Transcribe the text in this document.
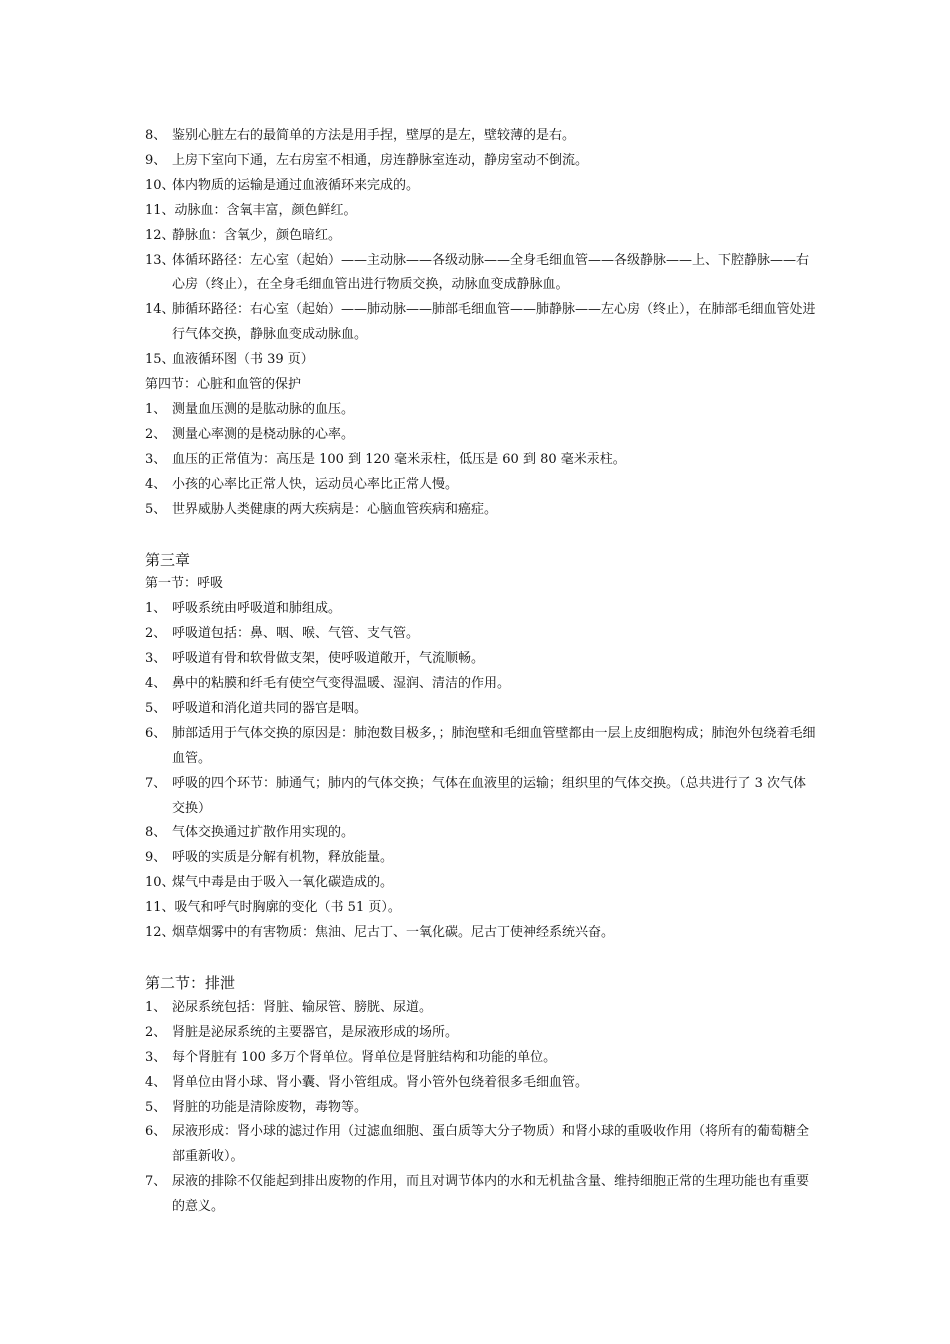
8、 鉴别心脏左右的最简单的方法是用手捏，壁厚的是左，壁较薄的是右。
9、 上房下室向下通，左右房室不相通，房连静脉室连动，静房室动不倒流。
10、
体内物质的运输是通过血液循环来完成的。
11、动脉血：含氧丰富，颜色鲜红。
12、
静脉血：含氧少，颜色暗红。
13、
体循环路径：左心室（起始）——主动脉——各级动脉——全身毛细血管——各级静脉——上、下腔静脉——右心房（终止），在全身毛细血管出进行物质交换，动脉血变成静脉血。
14、
肺循环路径：右心室（起始）——肺动脉——肺部毛细血管——肺静脉——左心房（终止），在肺部毛细血管处进行气体交换，静脉血变成动脉血。
15、
血液循环图（书 39 页）
第四节：心脏和血管的保护
1、 测量血压测的是肱动脉的血压。
2、 测量心率测的是桡动脉的心率。
3、 血压的正常值为：高压是 100 到 120 毫米汞柱，低压是 60 到 80 毫米汞柱。
4、 小孩的心率比正常人快，运动员心率比正常人慢。
5、 世界威胁人类健康的两大疾病是：心脑血管疾病和癌症。
第三章
第一节：呼吸
1、 呼吸系统由呼吸道和肺组成。
2、 呼吸道包括：鼻、咽、喉、气管、支气管。
3、 呼吸道有骨和软骨做支架，使呼吸道敞开，气流顺畅。
4、 鼻中的粘膜和纤毛有使空气变得温暖、湿润、清洁的作用。
5、 呼吸道和消化道共同的器官是咽。
6、 肺部适用于气体交换的原因是：肺泡数目极多，；肺泡壁和毛细血管壁都由一层上皮细胞构成；肺泡外包绕着毛细血管。
7、 呼吸的四个环节：肺通气；肺内的气体交换；气体在血液里的运输；组织里的气体交换。（总共进行了 3 次气体交换）
8、 气体交换通过扩散作用实现的。
9、 呼吸的实质是分解有机物，释放能量。
10、
煤气中毒是由于吸入一氧化碳造成的。
11、吸气和呼气时胸廓的变化（书 51 页）。
12、
烟草烟雾中的有害物质：焦油、尼古丁、一氧化碳。尼古丁使神经系统兴奋。
第二节：排泄
1、 泌尿系统包括：肾脏、输尿管、膀胱、尿道。
2、 肾脏是泌尿系统的主要器官，是尿液形成的场所。
3、 每个肾脏有 100 多万个肾单位。肾单位是肾脏结构和功能的单位。
4、 肾单位由肾小球、肾小囊、肾小管组成。肾小管外包绕着很多毛细血管。
5、 肾脏的功能是清除废物，毒物等。
6、 尿液形成：肾小球的滤过作用（过滤血细胞、蛋白质等大分子物质）和肾小球的重吸收作用（将所有的葡萄糖全部重新收）。
7、 尿液的排除不仅能起到排出废物的作用，而且对调节体内的水和无机盐含量、维持细胞正常的生理功能也有重要的意义。
